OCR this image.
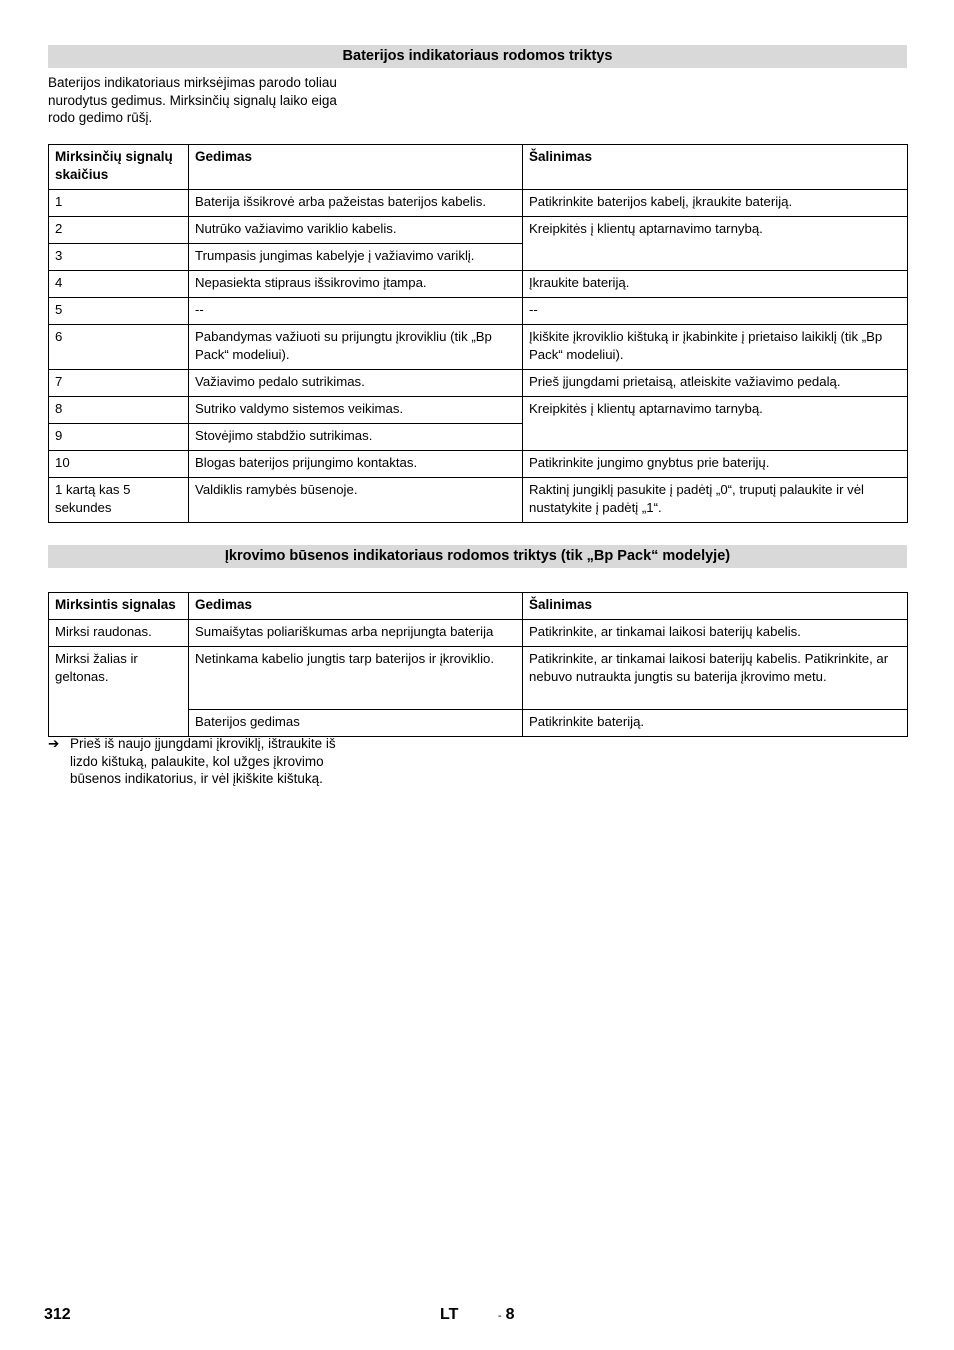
Baterijos indikatoriaus rodomos triktys
Baterijos indikatoriaus mirksėjimas parodo toliau nurodytus gedimus. Mirksinčių signalų laiko eiga rodo gedimo rūšį.
Mirksinčių signalų skaičius	Gedimas	Šalinimas
1	Baterija išsikrovė arba pažeistas baterijos kabelis.	Patikrinkite baterijos kabelį, įkraukite bateriją.
2	Nutrūko važiavimo variklio kabelis.	Kreipkitės į klientų aptarnavimo tarnybą.
3	Trumpasis jungimas kabelyje į važiavimo variklį.	
4	Nepasiekta stipraus išsikrovimo įtampa.	Įkraukite bateriją.
5	--	--
6	Pabandymas važiuoti su prijungtu įkrovikliu (tik „Bp Pack“ modeliui).	Įkiškite įkroviklio kištuką ir įkabinkite į prietaiso laikiklį (tik „Bp Pack“ modeliui).
7	Važiavimo pedalo sutrikimas.	Prieš įjungdami prietaisą, atleiskite važiavimo pedalą.
8	Sutriko valdymo sistemos veikimas.	Kreipkitės į klientų aptarnavimo tarnybą.
9	Stovėjimo stabdžio sutrikimas.	
10	Blogas baterijos prijungimo kontaktas.	Patikrinkite jungimo gnybtus prie baterijų.
1 kartą kas 5 sekundes	Valdiklis ramybės būsenoje.	Raktinį jungiklį pasukite į padėtį „0“, truputį palaukite ir vėl nustatykite į padėtį „1“.
Įkrovimo būsenos indikatoriaus rodomos triktys (tik „Bp Pack“ modelyje)
Mirksintis signalas	Gedimas	Šalinimas
Mirksi raudonas.	Sumaišytas poliariškumas arba neprijungta baterija	Patikrinkite, ar tinkamai laikosi baterijų kabelis.
Mirksi žalias ir geltonas.	Netinkama kabelio jungtis tarp baterijos ir įkroviklio.	Patikrinkite, ar tinkamai laikosi baterijų kabelis. Patikrinkite, ar nebuvo nutraukta jungtis su baterija įkrovimo metu.
	Baterijos gedimas	Patikrinkite bateriją.
➔ Prieš iš naujo įjungdami įkroviklį, ištraukite iš lizdo kištuką, palaukite, kol užges įkrovimo būsenos indikatorius, ir vėl įkiškite kištuką.
312	LT	- 8
